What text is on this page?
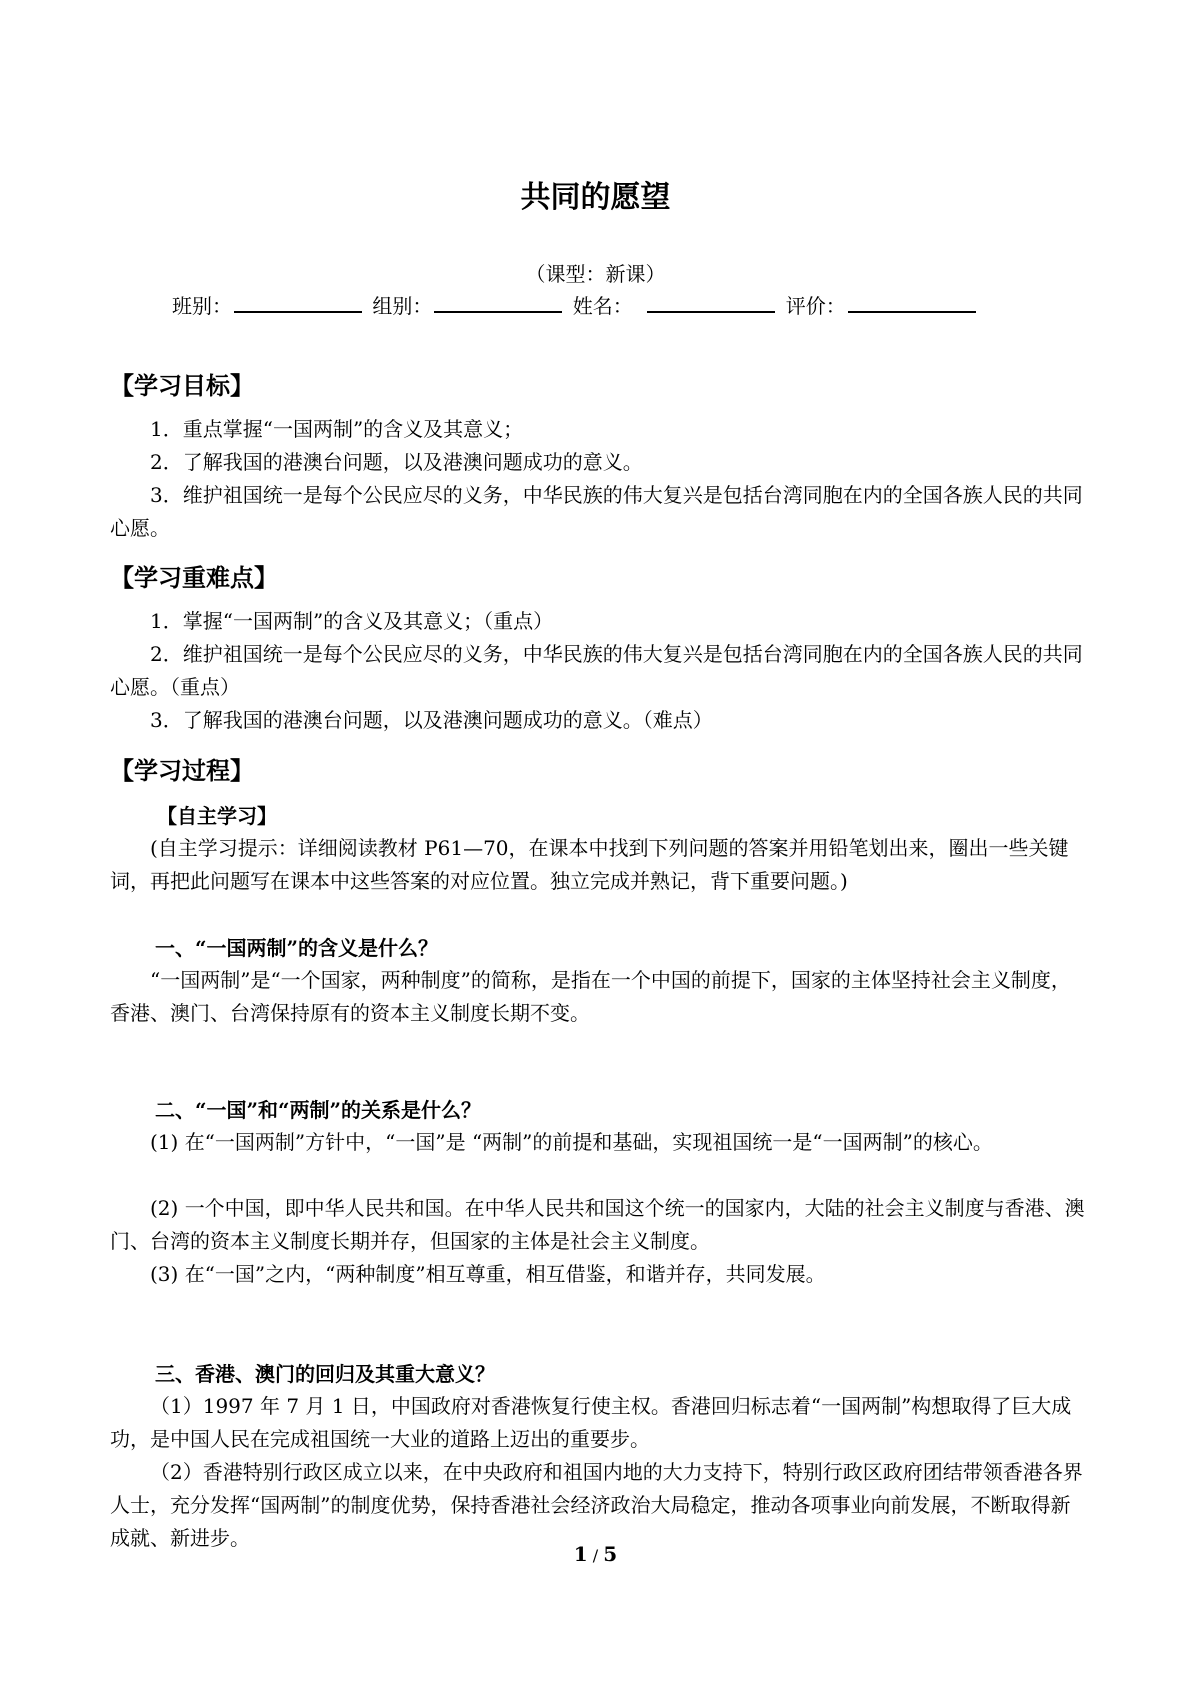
共同的愿望
（课型：新课）
班别：	组别：	姓名：	评价：
【学习目标】
1．重点掌握“一国两制”的含义及其意义；
2．了解我国的港澳台问题，以及港澳问题成功的意义。
3．维护祖国统一是每个公民应尽的义务，中华民族的伟大复兴是包括台湾同胞在内的全国各族人民的共同心愿。
【学习重难点】
1．掌握“一国两制”的含义及其意义；（重点）
2．维护祖国统一是每个公民应尽的义务，中华民族的伟大复兴是包括台湾同胞在内的全国各族人民的共同心愿。（重点）
3．了解我国的港澳台问题，以及港澳问题成功的意义。（难点）
【学习过程】
【自主学习】
(自主学习提示：详细阅读教材 P61—70，在课本中找到下列问题的答案并用铅笔划出来，圈出一些关键词，再把此问题写在课本中这些答案的对应位置。独立完成并熟记，背下重要问题。)
一、“一国两制”的含义是什么？
“一国两制”是“一个国家，两种制度”的简称，是指在一个中国的前提下，国家的主体坚持社会主义制度，香港、澳门、台湾保持原有的资本主义制度长期不变。
二、“一国”和“两制”的关系是什么？
(1) 在“一国两制”方针中，“一国”是 “两制”的前提和基础，实现祖国统一是“一国两制”的核心。
(2) 一个中国，即中华人民共和国。在中华人民共和国这个统一的国家内，大陆的社会主义制度与香港、澳门、台湾的资本主义制度长期并存，但国家的主体是社会主义制度。
(3) 在“一国”之内，“两种制度”相互尊重，相互借鉴，和谐并存，共同发展。
三、香港、澳门的回归及其重大意义？
（1）1997 年 7 月 1 日，中国政府对香港恢复行使主权。香港回归标志着“一国两制”构想取得了巨大成功，是中国人民在完成祖国统一大业的道路上迈出的重要步。
（2）香港特别行政区成立以来，在中央政府和祖国内地的大力支持下，特别行政区政府团结带领香港各界人士，充分发挥“国两制”的制度优势，保持香港社会经济政治大局稳定，推动各项事业向前发展，不断取得新成就、新进步。
1 / 5
